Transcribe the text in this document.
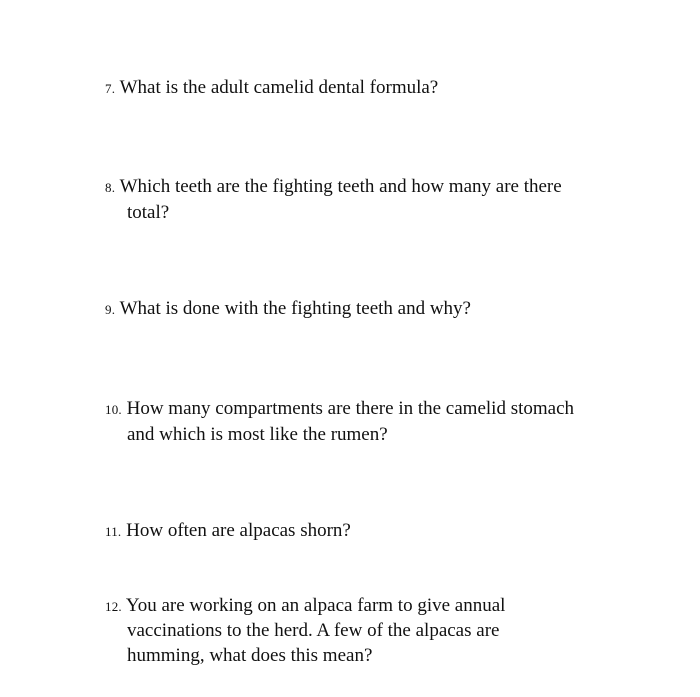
7. What is the adult camelid dental formula?
8. Which teeth are the fighting teeth and how many are there
total?
9. What is done with the fighting teeth and why?
10. How many compartments are there in the camelid stomach
and which is most like the rumen?
11. How often are alpacas shorn?
12. You are working on an alpaca farm to give annual
vaccinations to the herd. A few of the alpacas are
humming, what does this mean?
